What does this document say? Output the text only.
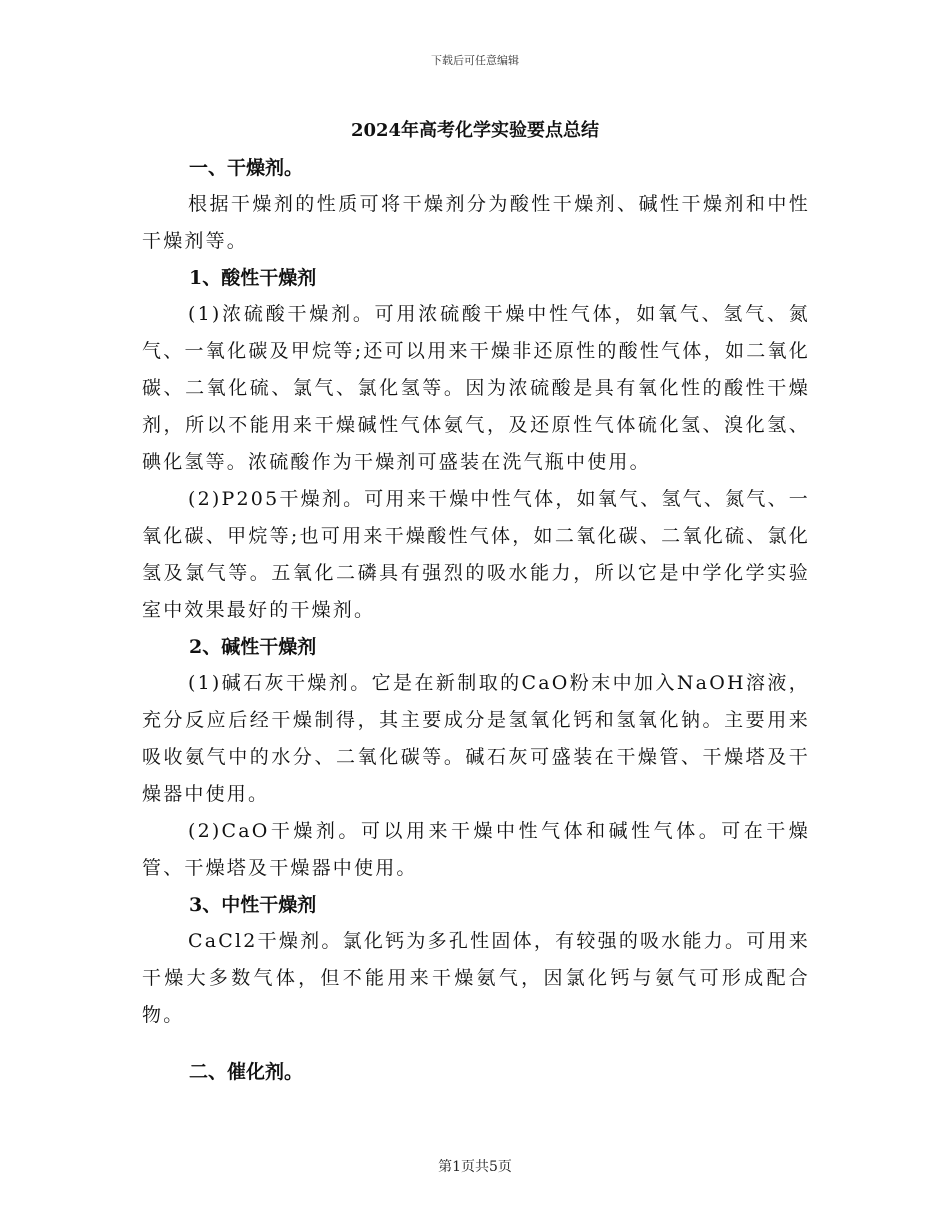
下载后可任意编辑
2024年高考化学实验要点总结

一、干燥剂。

根据干燥剂的性质可将干燥剂分为酸性干燥剂、碱性干燥剂和中性干燥剂等。

1、酸性干燥剂

(1)浓硫酸干燥剂。可用浓硫酸干燥中性气体，如氧气、氢气、氮气、一氧化碳及甲烷等;还可以用来干燥非还原性的酸性气体，如二氧化碳、二氧化硫、氯气、氯化氢等。因为浓硫酸是具有氧化性的酸性干燥剂，所以不能用来干燥碱性气体氨气，及还原性气体硫化氢、溴化氢、碘化氢等。浓硫酸作为干燥剂可盛装在洗气瓶中使用。

(2)P205干燥剂。可用来干燥中性气体，如氧气、氢气、氮气、一氧化碳、甲烷等;也可用来干燥酸性气体，如二氧化碳、二氧化硫、氯化氢及氯气等。五氧化二磷具有强烈的吸水能力，所以它是中学化学实验室中效果最好的干燥剂。

2、碱性干燥剂

(1)碱石灰干燥剂。它是在新制取的CaO粉末中加入NaOH溶液，充分反应后经干燥制得，其主要成分是氢氧化钙和氢氧化钠。主要用来吸收氨气中的水分、二氧化碳等。碱石灰可盛装在干燥管、干燥塔及干燥器中使用。

(2)CaO干燥剂。可以用来干燥中性气体和碱性气体。可在干燥管、干燥塔及干燥器中使用。

3、中性干燥剂

CaCl2干燥剂。氯化钙为多孔性固体，有较强的吸水能力。可用来干燥大多数气体，但不能用来干燥氨气，因氯化钙与氨气可形成配合物。

二、催化剂。

第1页共5页
